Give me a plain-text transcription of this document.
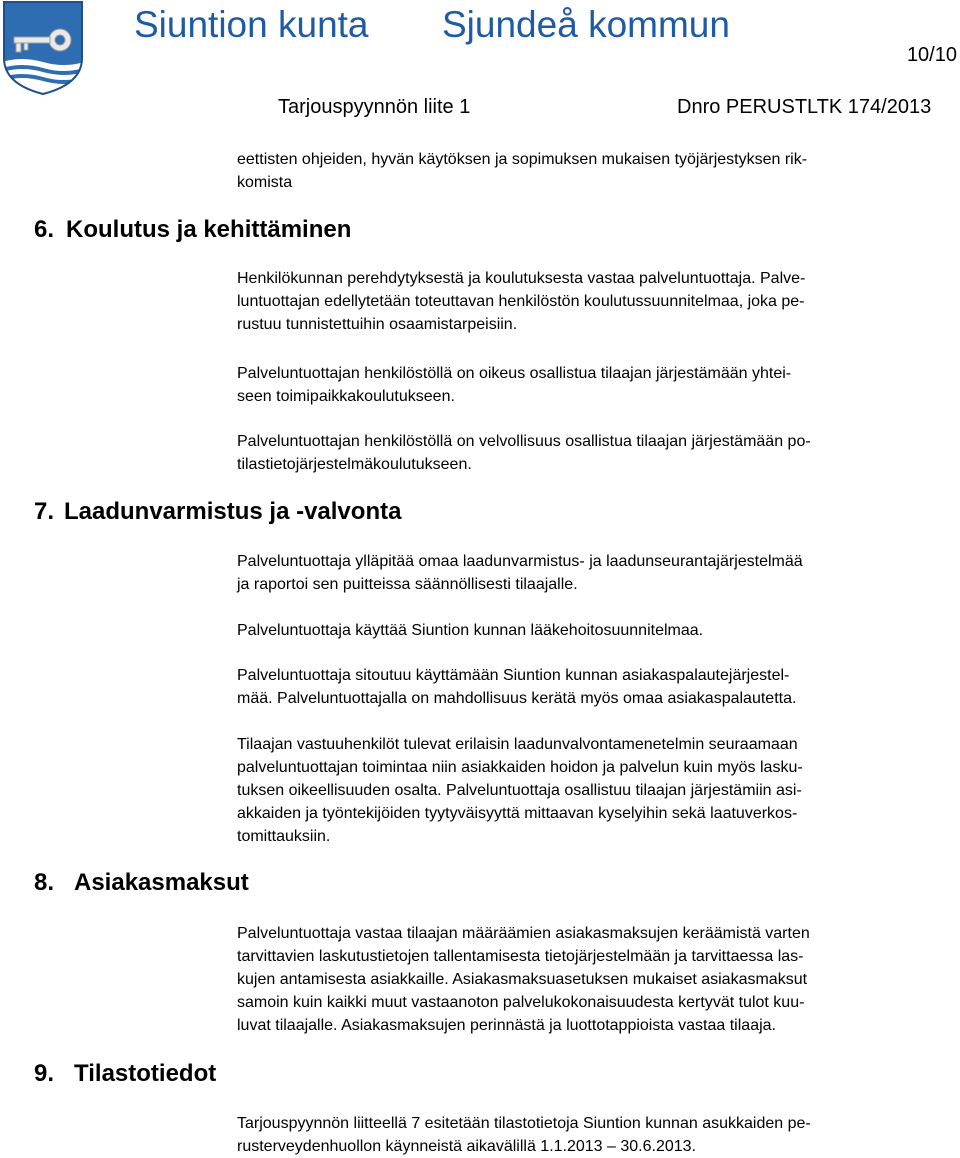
Siuntion kunta Sjundeå kommun
10/10
Tarjouspyynnön liite 1	Dnro PERUSTLTK 174/2013
eettisten ohjeiden, hyvän käytöksen ja sopimuksen mukaisen työjärjestyksen rik-
komista
6. Koulutus ja kehittäminen
Henkilökunnan perehdytyksestä ja koulutuksesta vastaa palveluntuottaja. Palve-
luntuottajan edellytetään toteuttavan henkilöstön koulutussuunnitelmaa, joka pe-
rustuu tunnistettuihin osaamistarpeisiin.
Palveluntuottajan henkilöstöllä on oikeus osallistua tilaajan järjestämään yhtei-
seen toimipaikkakoulutukseen.
Palveluntuottajan henkilöstöllä on velvollisuus osallistua tilaajan järjestämään po-
tilastietojärjestelmäkoulutukseen.
7. Laadunvarmistus ja -valvonta
Palveluntuottaja ylläpitää omaa laadunvarmistus- ja laadunseurantajärjestelmää
ja raportoi sen puitteissa säännöllisesti tilaajalle.
Palveluntuottaja käyttää Siuntion kunnan lääkehoitosuunnitelmaa.
Palveluntuottaja sitoutuu käyttämään Siuntion kunnan asiakaspalautejärjestel-
mää. Palveluntuottajalla on mahdollisuus kerätä myös omaa asiakaspalautetta.
Tilaajan vastuuhenkilöt tulevat erilaisin laadunvalvontamenetelmin seuraamaan
palveluntuottajan toimintaa niin asiakkaiden hoidon ja palvelun kuin myös lasku-
tuksen oikeellisuuden osalta. Palveluntuottaja osallistuu tilaajan järjestämiin asi-
akkaiden ja työntekijöiden tyytyväisyyttä mittaavan kyselyihin sekä laatuverkos-
tomittauksiin.
8. Asiakasmaksut
Palveluntuottaja vastaa tilaajan määräämien asiakasmaksujen keräämistä varten
tarvittavien laskutustietojen tallentamisesta tietojärjestelmään ja tarvittaessa las-
kujen antamisesta asiakkaille. Asiakasmaksuasetuksen mukaiset asiakasmaksut
samoin kuin kaikki muut vastaanoton palvelukokonaisuudesta kertyvät tulot kuu-
luvat tilaajalle. Asiakasmaksujen perinnästä ja luottotappioista vastaa tilaaja.
9. Tilastotiedot
Tarjouspyynnön liitteellä 7 esitetään tilastotietoja Siuntion kunnan asukkaiden pe-
rusterveydenhuollon käynneistä aikavälillä 1.1.2013 – 30.6.2013.
